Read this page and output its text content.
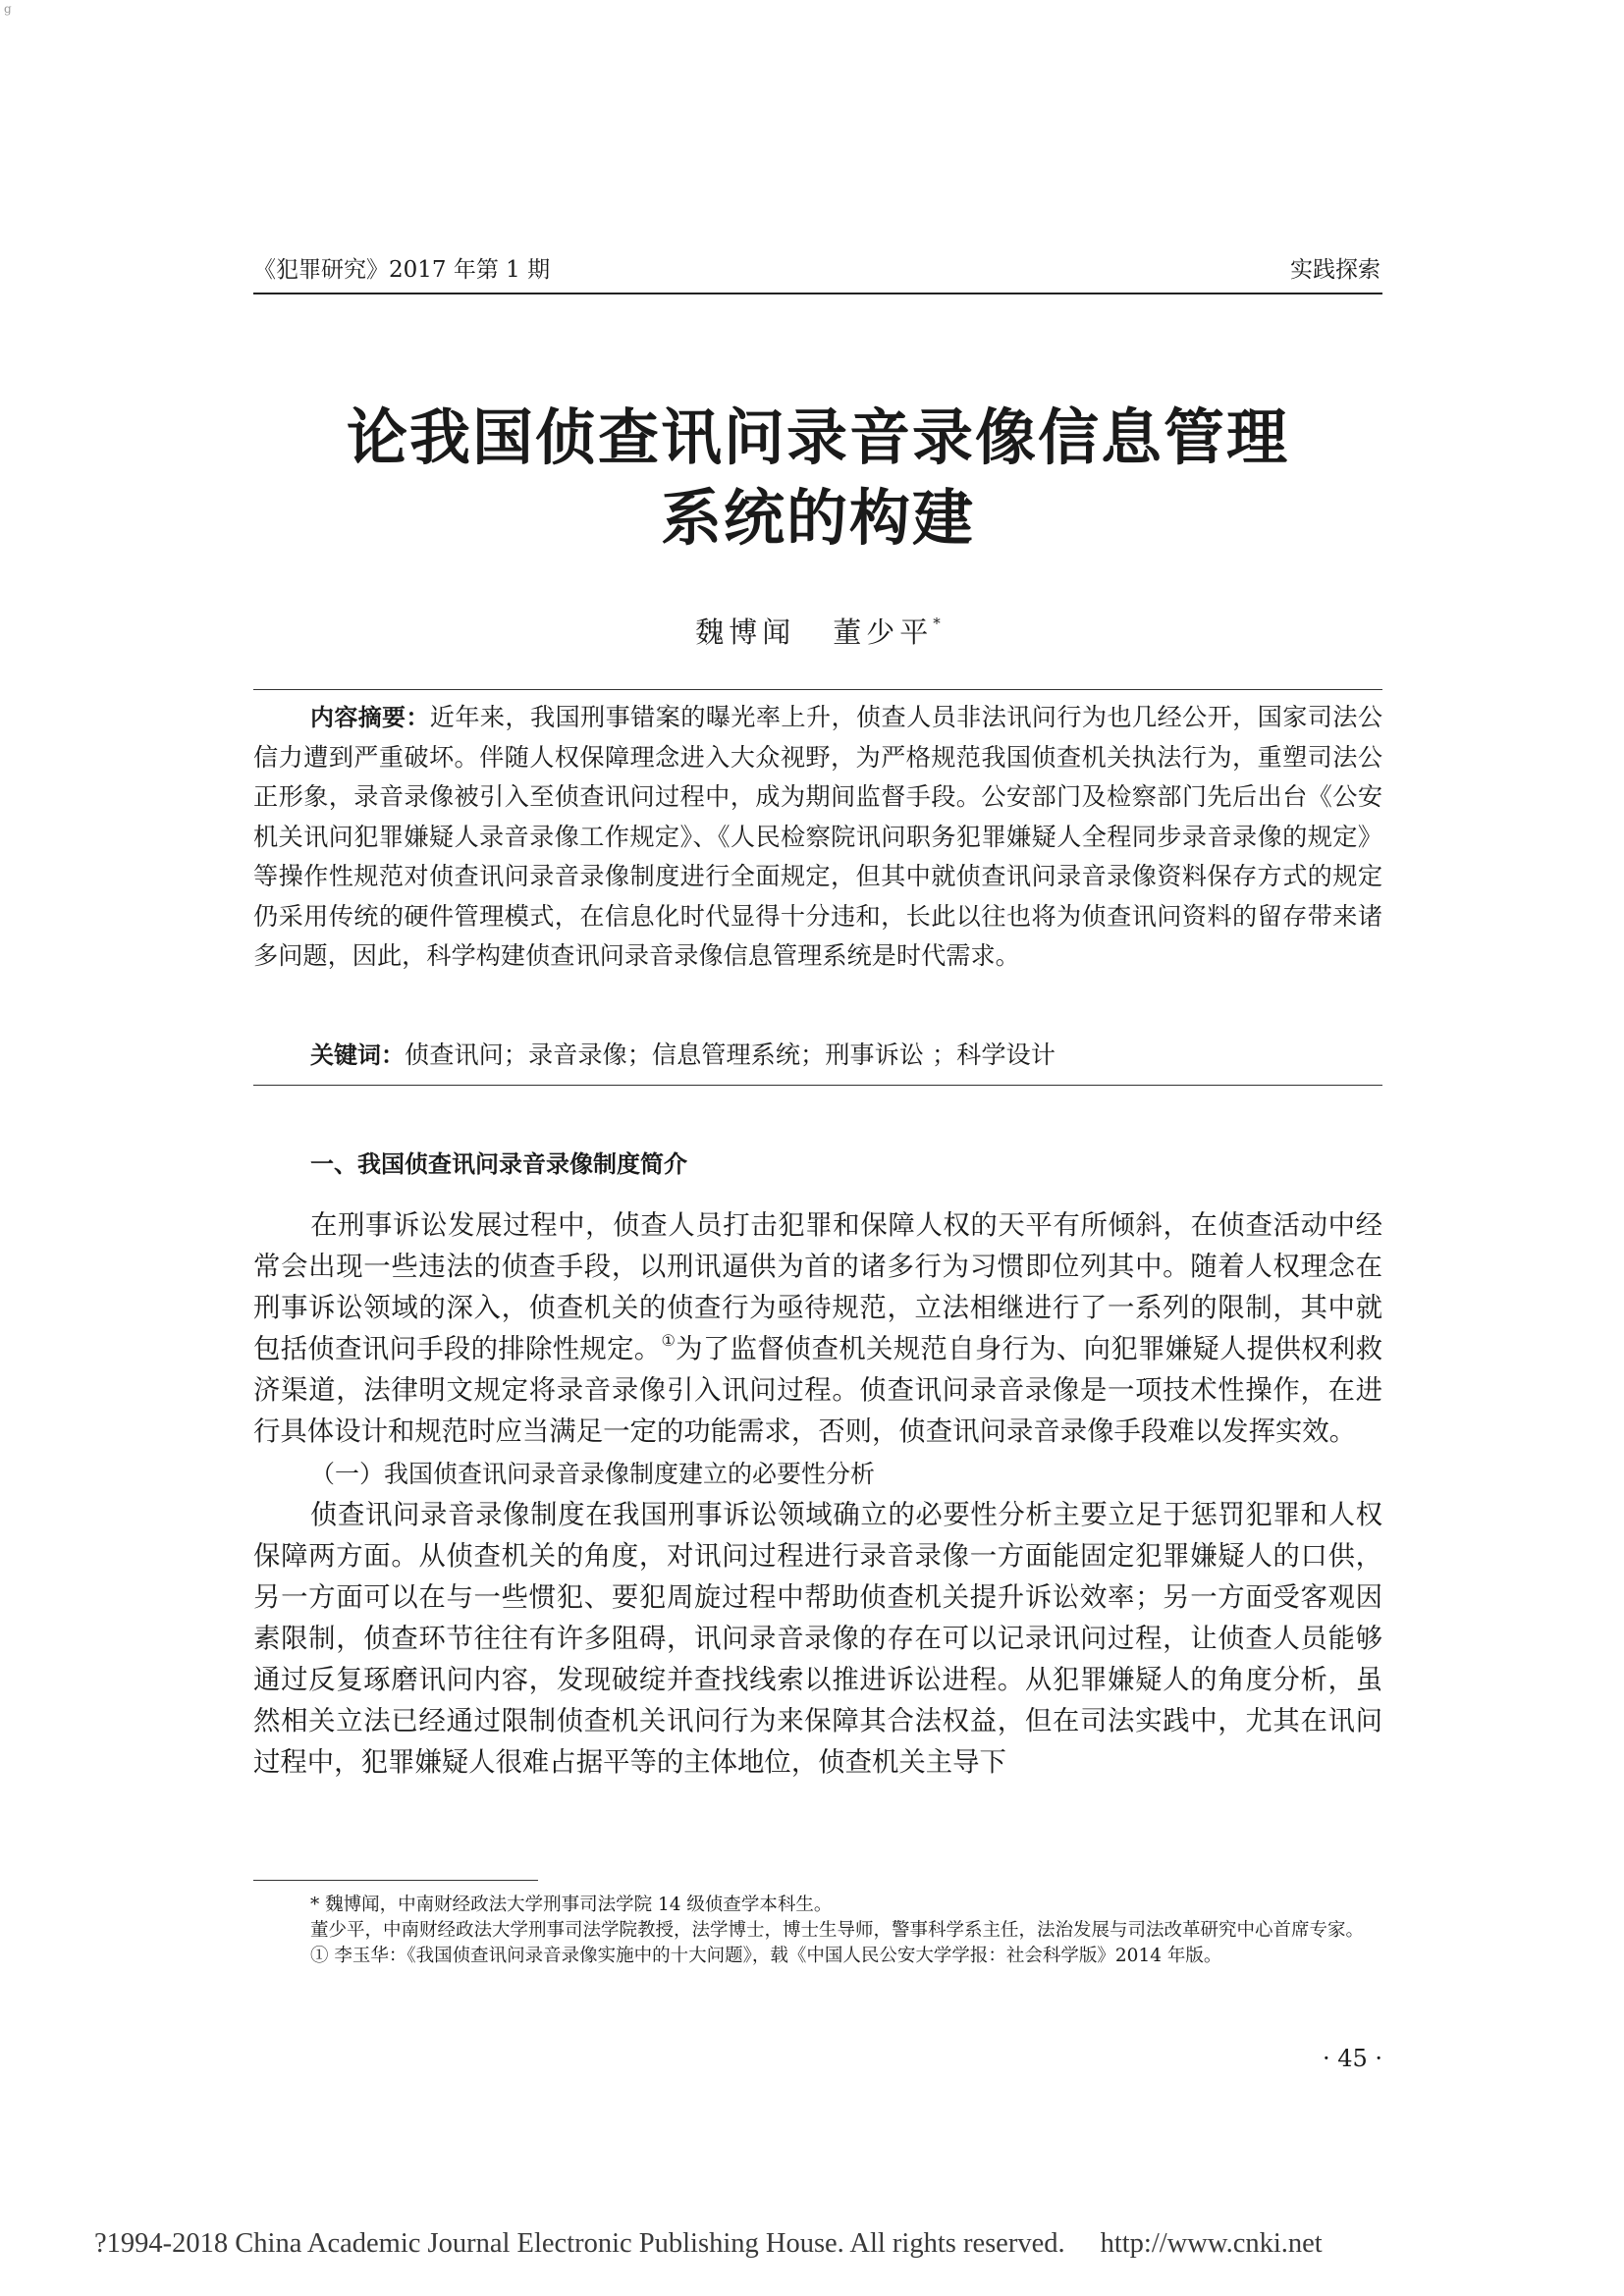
g
《犯罪研究》2017 年第 1 期	实践探索
论我国侦查讯问录音录像信息管理
系统的构建
魏博闻 董少平*
内容摘要：近年来，我国刑事错案的曝光率上升，侦查人员非法讯问行为也几经公开，国家司法公信力遭到严重破坏。伴随人权保障理念进入大众视野，为严格规范我国侦查机关执法行为，重塑司法公正形象，录音录像被引入至侦查讯问过程中，成为期间监督手段。公安部门及检察部门先后出台《公安机关讯问犯罪嫌疑人录音录像工作规定》、《人民检察院讯问职务犯罪嫌疑人全程同步录音录像的规定》等操作性规范对侦查讯问录音录像制度进行全面规定，但其中就侦查讯问录音录像资料保存方式的规定仍采用传统的硬件管理模式，在信息化时代显得十分违和，长此以往也将为侦查讯问资料的留存带来诸多问题，因此，科学构建侦查讯问录音录像信息管理系统是时代需求。
关键词：侦查讯问；录音录像；信息管理系统；刑事诉讼 ；科学设计
一、我国侦查讯问录音录像制度简介

在刑事诉讼发展过程中，侦查人员打击犯罪和保障人权的天平有所倾斜，在侦查活动中经常会出现一些违法的侦查手段，以刑讯逼供为首的诸多行为习惯即位列其中。随着人权理念在刑事诉讼领域的深入，侦查机关的侦查行为亟待规范，立法相继进行了一系列的限制，其中就包括侦查讯问手段的排除性规定。①为了监督侦查机关规范自身行为、向犯罪嫌疑人提供权利救济渠道，法律明文规定将录音录像引入讯问过程。侦查讯问录音录像是一项技术性操作，在进行具体设计和规范时应当满足一定的功能需求，否则，侦查讯问录音录像手段难以发挥实效。

（一）我国侦查讯问录音录像制度建立的必要性分析

侦查讯问录音录像制度在我国刑事诉讼领域确立的必要性分析主要立足于惩罚犯罪和人权保障两方面。从侦查机关的角度，对讯问过程进行录音录像一方面能固定犯罪嫌疑人的口供，另一方面可以在与一些惯犯、要犯周旋过程中帮助侦查机关提升诉讼效率；另一方面受客观因素限制，侦查环节往往有许多阻碍，讯问录音录像的存在可以记录讯问过程，让侦查人员能够通过反复琢磨讯问内容，发现破绽并查找线索以推进诉讼进程。从犯罪嫌疑人的角度分析，虽然相关立法已经通过限制侦查机关讯问行为来保障其合法权益，但在司法实践中，尤其在讯问过程中，犯罪嫌疑人很难占据平等的主体地位，侦查机关主导下

* 魏博闻，中南财经政法大学刑事司法学院 14 级侦查学本科生。

董少平，中南财经政法大学刑事司法学院教授，法学博士，博士生导师，警事科学系主任，法治发展与司法改革研究中心首席专家。

① 李玉华：《我国侦查讯问录音录像实施中的十大问题》，载《中国人民公安大学学报：社会科学版》2014 年版。

· 45 ·
?1994-2018 China Academic Journal Electronic Publishing House. All rights reserved. http://www.cnki.net
